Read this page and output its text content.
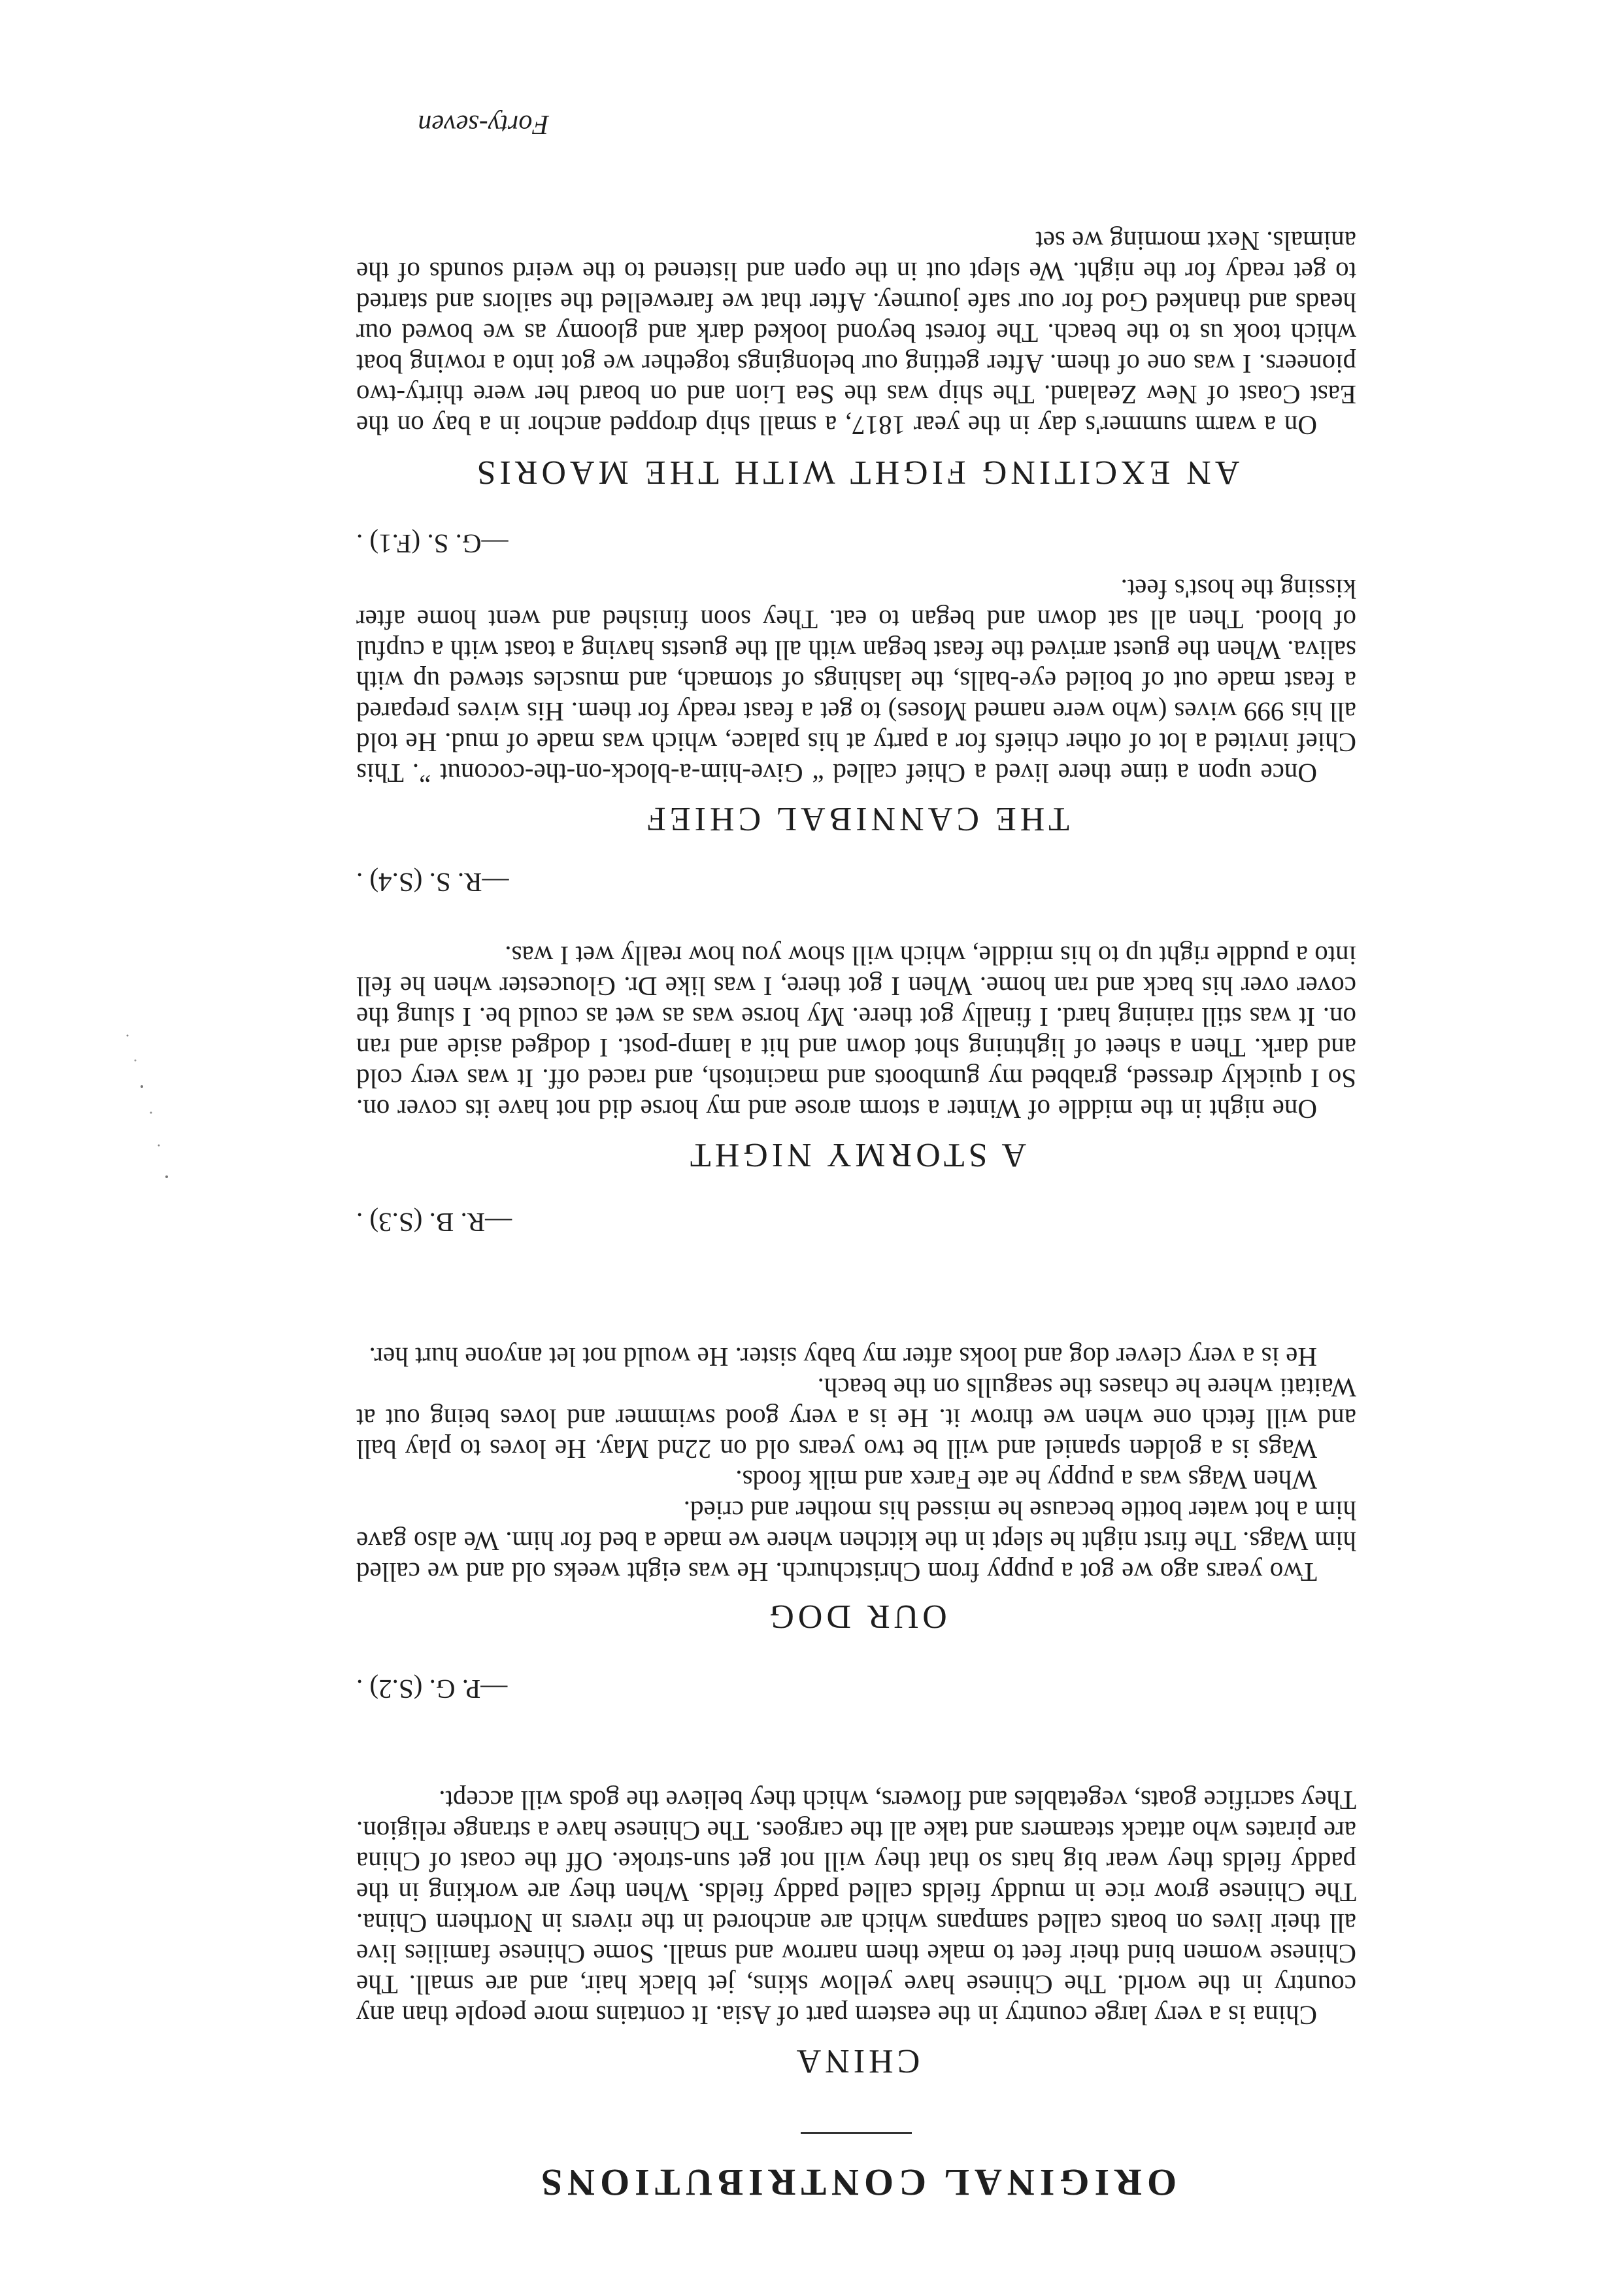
ORIGINAL CONTRIBUTIONS
CHINA

China is a very large country in the eastern part of Asia. It contains more people than any country in the world. The Chinese have yellow skins, jet black hair, and are small. The Chinese women bind their feet to make them narrow and small. Some Chinese families live all their lives on boats called sampans which are anchored in the rivers in Northern China. The Chinese grow rice in muddy fields called paddy fields. When they are working in the paddy fields they wear big hats so that they will not get sun-stroke. Off the coast of China are pirates who attack steamers and take all the cargoes. The Chinese have a strange religion. They sacrifice goats, vegetables and flowers, which they believe the gods will accept.

—P. G. (S.2) .

OUR DOG

Two years ago we got a puppy from Christchurch. He was eight weeks old and we called him Wags. The first night he slept in the kitchen where we made a bed for him. We also gave him a hot water bottle because he missed his mother and cried.

When Wags was a puppy he ate Farex and milk foods.

Wags is a golden spaniel and will be two years old on 22nd May. He loves to play ball and will fetch one when we throw it. He is a very good swimmer and loves being out at Waitati where he chases the seagulls on the beach.

He is a very clever dog and looks after my baby sister. He would not let anyone hurt her.

—R. B. (S.3) .

A STORMY NIGHT

One night in the middle of Winter a storm arose and my horse did not have its cover on. So I quickly dressed, grabbed my gumboots and macintosh, and raced off. It was very cold and dark. Then a sheet of lightning shot down and hit a lamp-post. I dodged aside and ran on. It was still raining hard. I finally got there. My horse was as wet as could be. I slung the cover over his back and ran home. When I got there, I was like Dr. Gloucester when he fell into a puddle right up to his middle, which will show you how really wet I was.

—R. S. (S.4) .

THE CANNIBAL CHIEF

Once upon a time there lived a Chief called “ Give-him-a-block-on-the-coconut ”. This Chief invited a lot of other chiefs for a party at his palace, which was made of mud. He told all his 999 wives (who were named Moses) to get a feast ready for them. His wives prepared a feast made out of boiled eye-balls, the lashings of stomach, and muscles stewed up with saliva. When the guest arrived the feast began with all the guests having a toast with a cupful of blood. Then all sat down and began to eat. They soon finished and went home after kissing the host's feet.

—G. S. (F.1) .

AN EXCITING FIGHT WITH THE MAORIS

On a warm summer's day in the year 1817, a small ship dropped anchor in a bay on the East Coast of New Zealand. The ship was the Sea Lion and on board her were thirty-two pioneers. I was one of them. After getting our belongings together we got into a rowing boat which took us to the beach. The forest beyond looked dark and gloomy as we bowed our heads and thanked God for our safe journey. After that we farewelled the sailors and started to get ready for the night. We slept out in the open and listened to the weird sounds of the animals. Next morning we set

Forty-seven
